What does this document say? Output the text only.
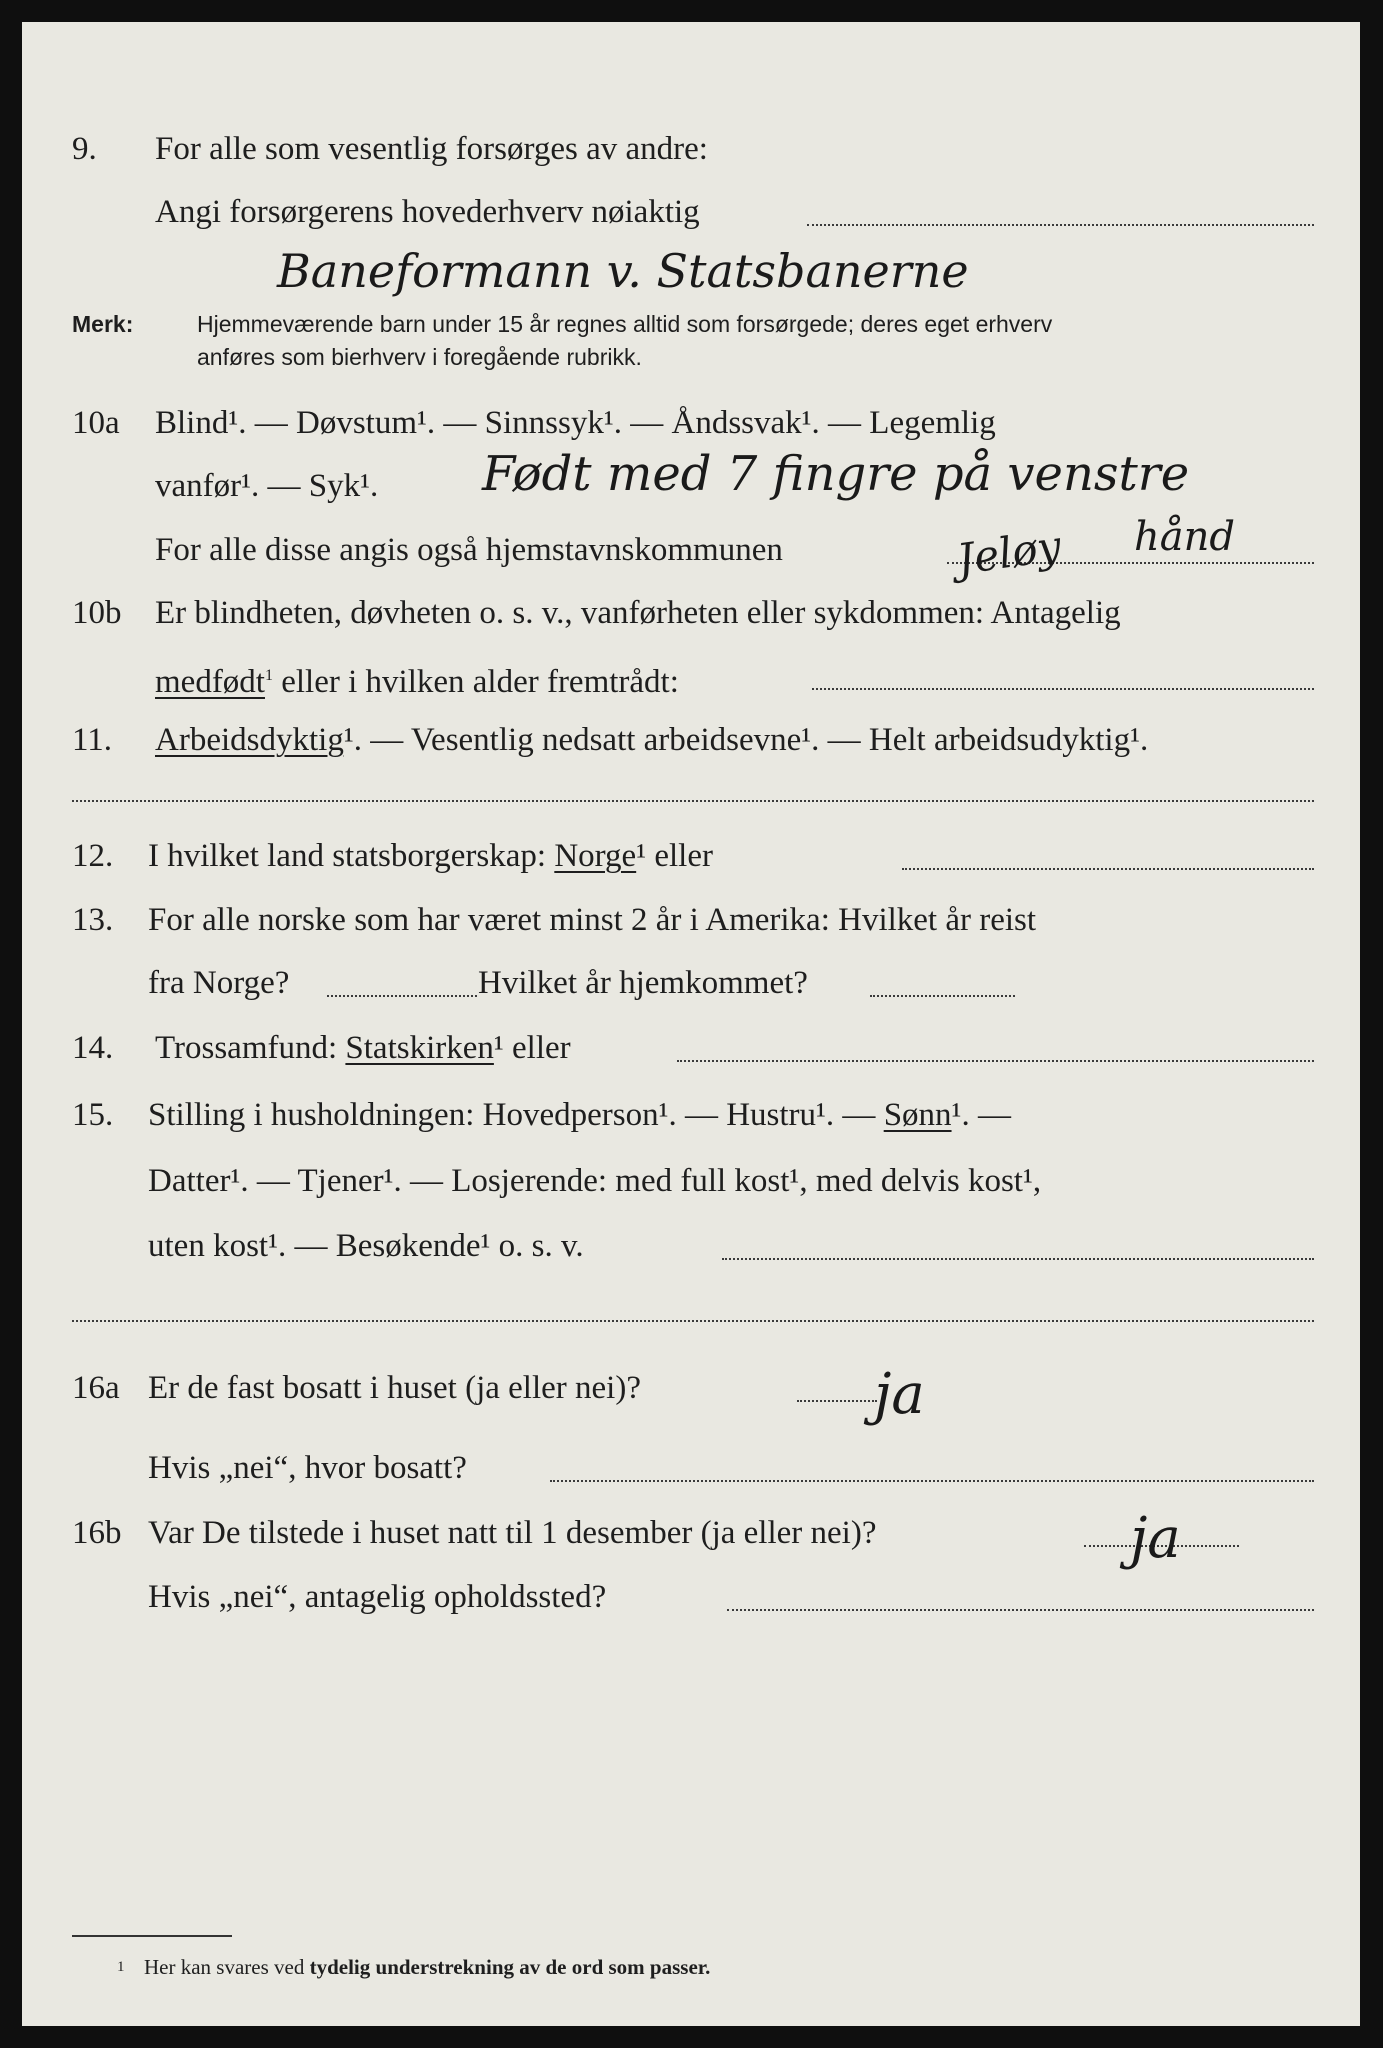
9. For alle som vesentlig forsørges av andre:
Angi forsørgerens hovederhverv nøiaktig
Baneformann v. Statsbanerne
Merk:	Hjemmeværende barn under 15 år regnes alltid som forsørgede; deres eget erhverv
anføres som bierhverv i foregående rubrikk.
10a Blind¹. — Døvstum¹. — Sinnssyk¹. — Åndssvak¹. — Legemlig
vanfør¹. — Syk¹. Født med 7 fingre på venstre
hånd
For alle disse angis også hjemstavnskommunen	Jeløy
10b Er blindheten, døvheten o. s. v., vanførheten eller sykdommen: Antagelig
medfødt$^1$ eller i hvilken alder fremtrådt:
11. Arbeidsdyktig¹. — Vesentlig nedsatt arbeidsevne¹. — Helt arbeidsudyktig¹.
12. I hvilket land statsborgerskap: Norge¹ eller
13. For alle norske som har været minst 2 år i Amerika: Hvilket år reist
fra Norge?	Hvilket år hjemkommet?
14. Trossamfund: Statskirken¹ eller
15. Stilling i husholdningen: Hovedperson¹. — Hustru¹. — Sønn¹. —
Datter¹. — Tjener¹. — Losjerende: med full kost¹, med delvis kost¹,
uten kost¹. — Besøkende¹ o. s. v.
16a Er de fast bosatt i huset (ja eller nei)?	ja
Hvis „nei“, hvor bosatt?
16b Var De tilstede i huset natt til 1 desember (ja eller nei)?	ja
Hvis „nei“, antagelig opholdssted?
1 Her kan svares ved tydelig understrekning av de ord som passer.
